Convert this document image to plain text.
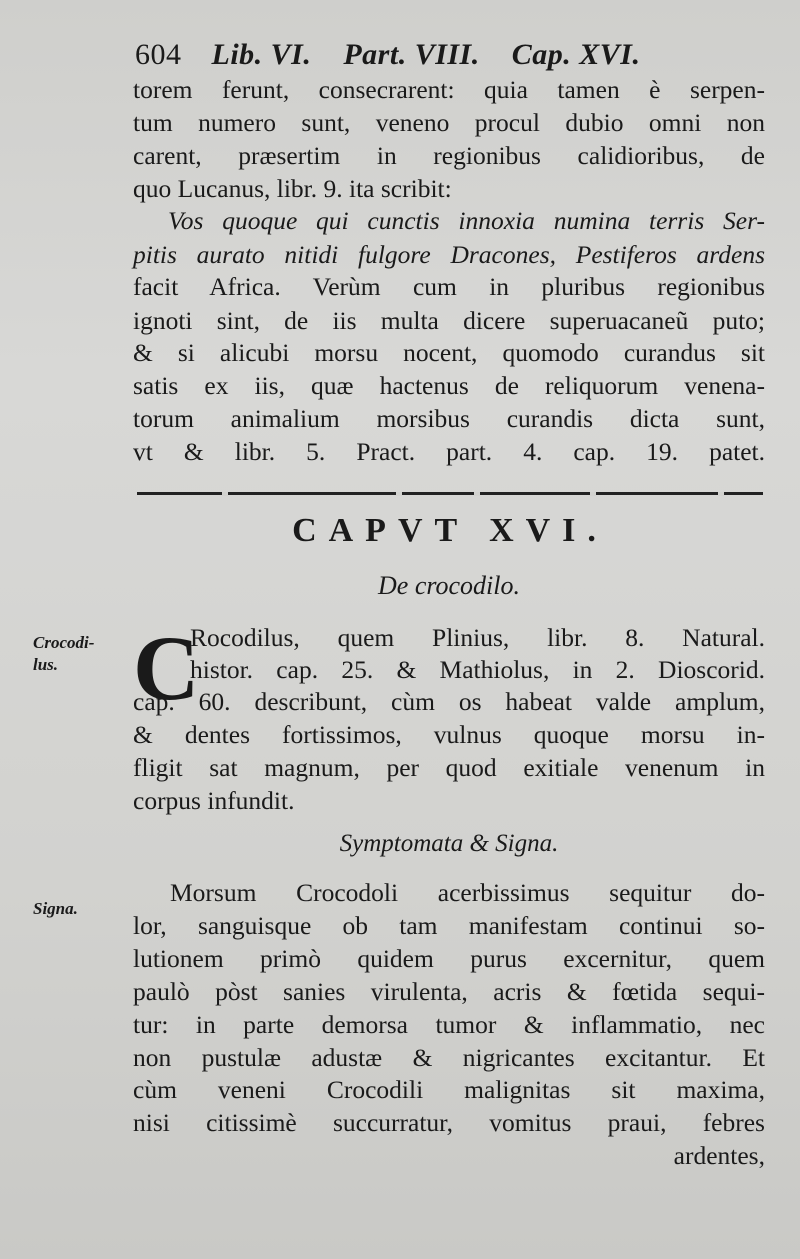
604 Lib. VI. Part. VIII. Cap. XVI.
torem ferunt, consecrarent: quia tamen è serpen-
tum numero sunt, veneno procul dubio omni non
carent, præsertim in regionibus calidioribus, de
quo Lucanus, libr. 9. ita scribit:
Vos quoque qui cunctis innoxia numina terris Ser-
pitis aurato nitidi fulgore Dracones, Pestiferos ardens
facit Africa. Verùm cum in pluribus regionibus
ignoti sint, de iis multa dicere superuacaneũ puto;
& si alicubi morsu nocent, quomodo curandus sit
satis ex iis, quæ hactenus de reliquorum venena-
torum animalium morsibus curandis dicta sunt,
vt & libr. 5. Pract. part. 4. cap. 19. patet.
CAPVT XVI.
De crocodilo.
Crocodi-
lus. C
Rocodilus, quem Plinius, libr. 8. Natural.
histor. cap. 25. & Mathiolus, in 2. Dioscorid.
cap. 60. describunt, cùm os habeat valde amplum,
& dentes fortissimos, vulnus quoque morsu in-
fligit sat magnum, per quod exitiale venenum in
corpus infundit.
Symptomata & Signa.
Signa.
Morsum Crocodoli acerbissimus sequitur do-
lor, sanguisque ob tam manifestam continui so-
lutionem primò quidem purus excernitur, quem
paulò pòst sanies virulenta, acris & fœtida sequi-
tur: in parte demorsa tumor & inflammatio, nec
non pustulæ adustæ & nigricantes excitantur. Et
cùm veneni Crocodili malignitas sit maxima,
nisi citissimè succurratur, vomitus praui, febres
ardentes,
